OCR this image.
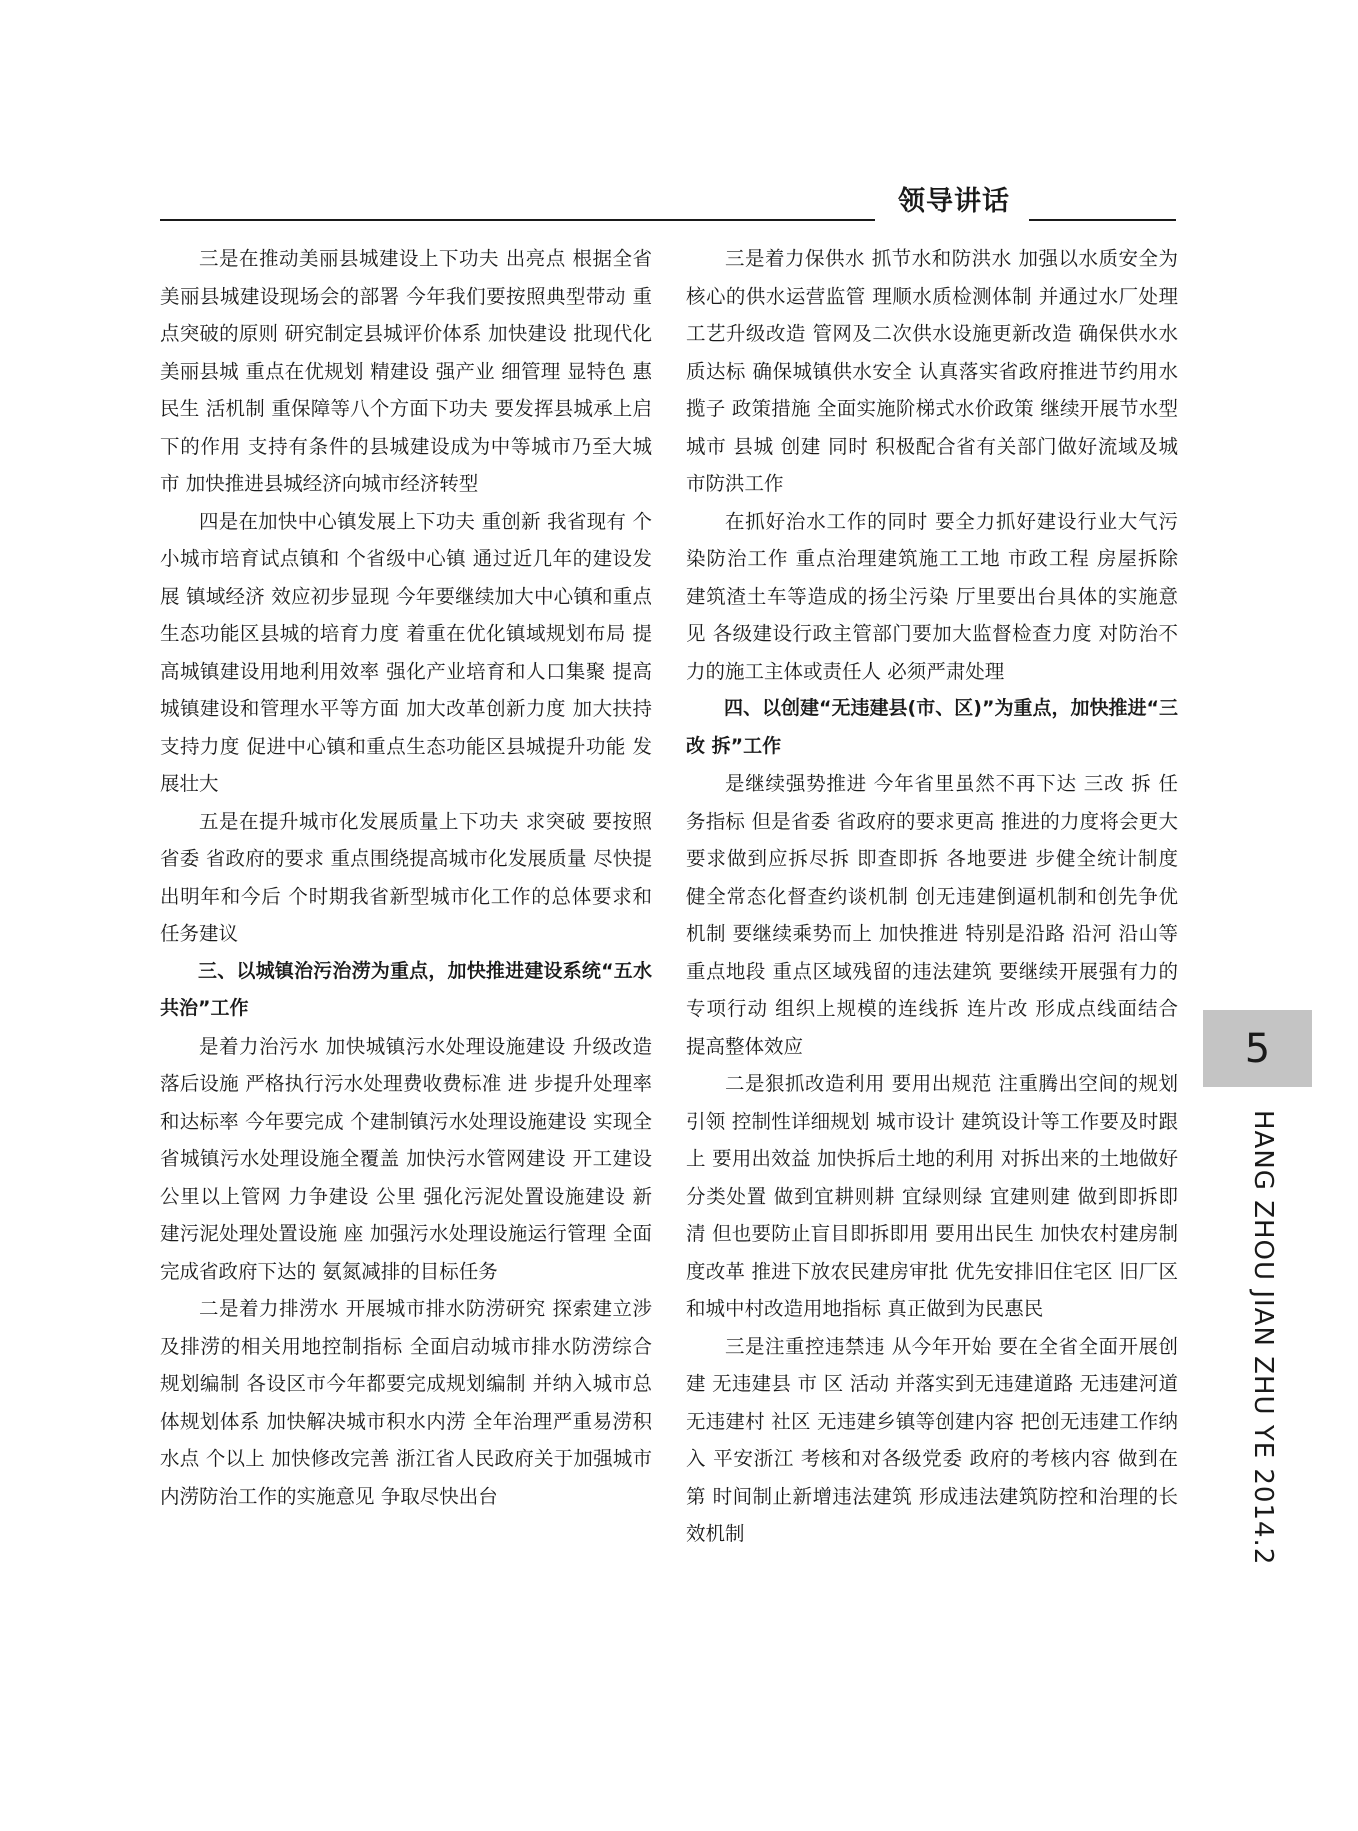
领导讲话

三是在推动美丽县城建设上下功夫 出亮点 根据全省美丽县城建设现场会的部署 今年我们要按照典型带动 重点突破的原则 研究制定县城评价体系 加快建设 批现代化美丽县城 重点在优规划 精建设 强产业 细管理 显特色 惠民生 活机制 重保障等八个方面下功夫 要发挥县城承上启下的作用 支持有条件的县城建设成为中等城市乃至大城市 加快推进县城经济向城市经济转型

四是在加快中心镇发展上下功夫 重创新 我省现有 个小城市培育试点镇和 个省级中心镇 通过近几年的建设发展 镇域经济 效应初步显现 今年要继续加大中心镇和重点生态功能区县城的培育力度 着重在优化镇域规划布局 提高城镇建设用地利用效率 强化产业培育和人口集聚 提高城镇建设和管理水平等方面 加大改革创新力度 加大扶持支持力度 促进中心镇和重点生态功能区县城提升功能 发展壮大

五是在提升城市化发展质量上下功夫 求突破 要按照省委 省政府的要求 重点围绕提高城市化发展质量 尽快提出明年和今后 个时期我省新型城市化工作的总体要求和任务建议

三、以城镇治污治涝为重点，加快推进建设系统“五水共治”工作

是着力治污水 加快城镇污水处理设施建设 升级改造落后设施 严格执行污水处理费收费标准 进 步提升处理率和达标率 今年要完成 个建制镇污水处理设施建设 实现全省城镇污水处理设施全覆盖 加快污水管网建设 开工建设 公里以上管网 力争建设 公里 强化污泥处置设施建设 新建污泥处理处置设施 座 加强污水处理设施运行管理 全面完成省政府下达的 氨氮减排的目标任务

二是着力排涝水 开展城市排水防涝研究 探索建立涉及排涝的相关用地控制指标 全面启动城市排水防涝综合规划编制 各设区市今年都要完成规划编制 并纳入城市总体规划体系 加快解决城市积水内涝 全年治理严重易涝积水点 个以上 加快修改完善 浙江省人民政府关于加强城市内涝防治工作的实施意见 争取尽快出台

三是着力保供水 抓节水和防洪水 加强以水质安全为核心的供水运营监管 理顺水质检测体制 并通过水厂处理工艺升级改造 管网及二次供水设施更新改造 确保供水水质达标 确保城镇供水安全 认真落实省政府推进节约用水 揽子 政策措施 全面实施阶梯式水价政策 继续开展节水型城市 县城 创建 同时 积极配合省有关部门做好流域及城市防洪工作

在抓好治水工作的同时 要全力抓好建设行业大气污染防治工作 重点治理建筑施工工地 市政工程 房屋拆除 建筑渣土车等造成的扬尘污染 厅里要出台具体的实施意见 各级建设行政主管部门要加大监督检查力度 对防治不力的施工主体或责任人 必须严肃处理

四、以创建“无违建县(市、区)”为重点，加快推进“三改 拆”工作

是继续强势推进 今年省里虽然不再下达 三改 拆 任务指标 但是省委 省政府的要求更高 推进的力度将会更大 要求做到应拆尽拆 即查即拆 各地要进 步健全统计制度 健全常态化督查约谈机制 创无违建倒逼机制和创先争优机制 要继续乘势而上 加快推进 特别是沿路 沿河 沿山等重点地段 重点区域残留的违法建筑 要继续开展强有力的专项行动 组织上规模的连线拆 连片改 形成点线面结合 提高整体效应

二是狠抓改造利用 要用出规范 注重腾出空间的规划引领 控制性详细规划 城市设计 建筑设计等工作要及时跟上 要用出效益 加快拆后土地的利用 对拆出来的土地做好分类处置 做到宜耕则耕 宜绿则绿 宜建则建 做到即拆即清 但也要防止盲目即拆即用 要用出民生 加快农村建房制度改革 推进下放农民建房审批 优先安排旧住宅区 旧厂区和城中村改造用地指标 真正做到为民惠民

三是注重控违禁违 从今年开始 要在全省全面开展创建 无违建县 市 区 活动 并落实到无违建道路 无违建河道 无违建村 社区 无违建乡镇等创建内容 把创无违建工作纳入 平安浙江 考核和对各级党委 政府的考核内容 做到在第 时间制止新增违法建筑 形成违法建筑防控和治理的长效机制

5
HANG ZHOU JIAN ZHU YE 2014.2
